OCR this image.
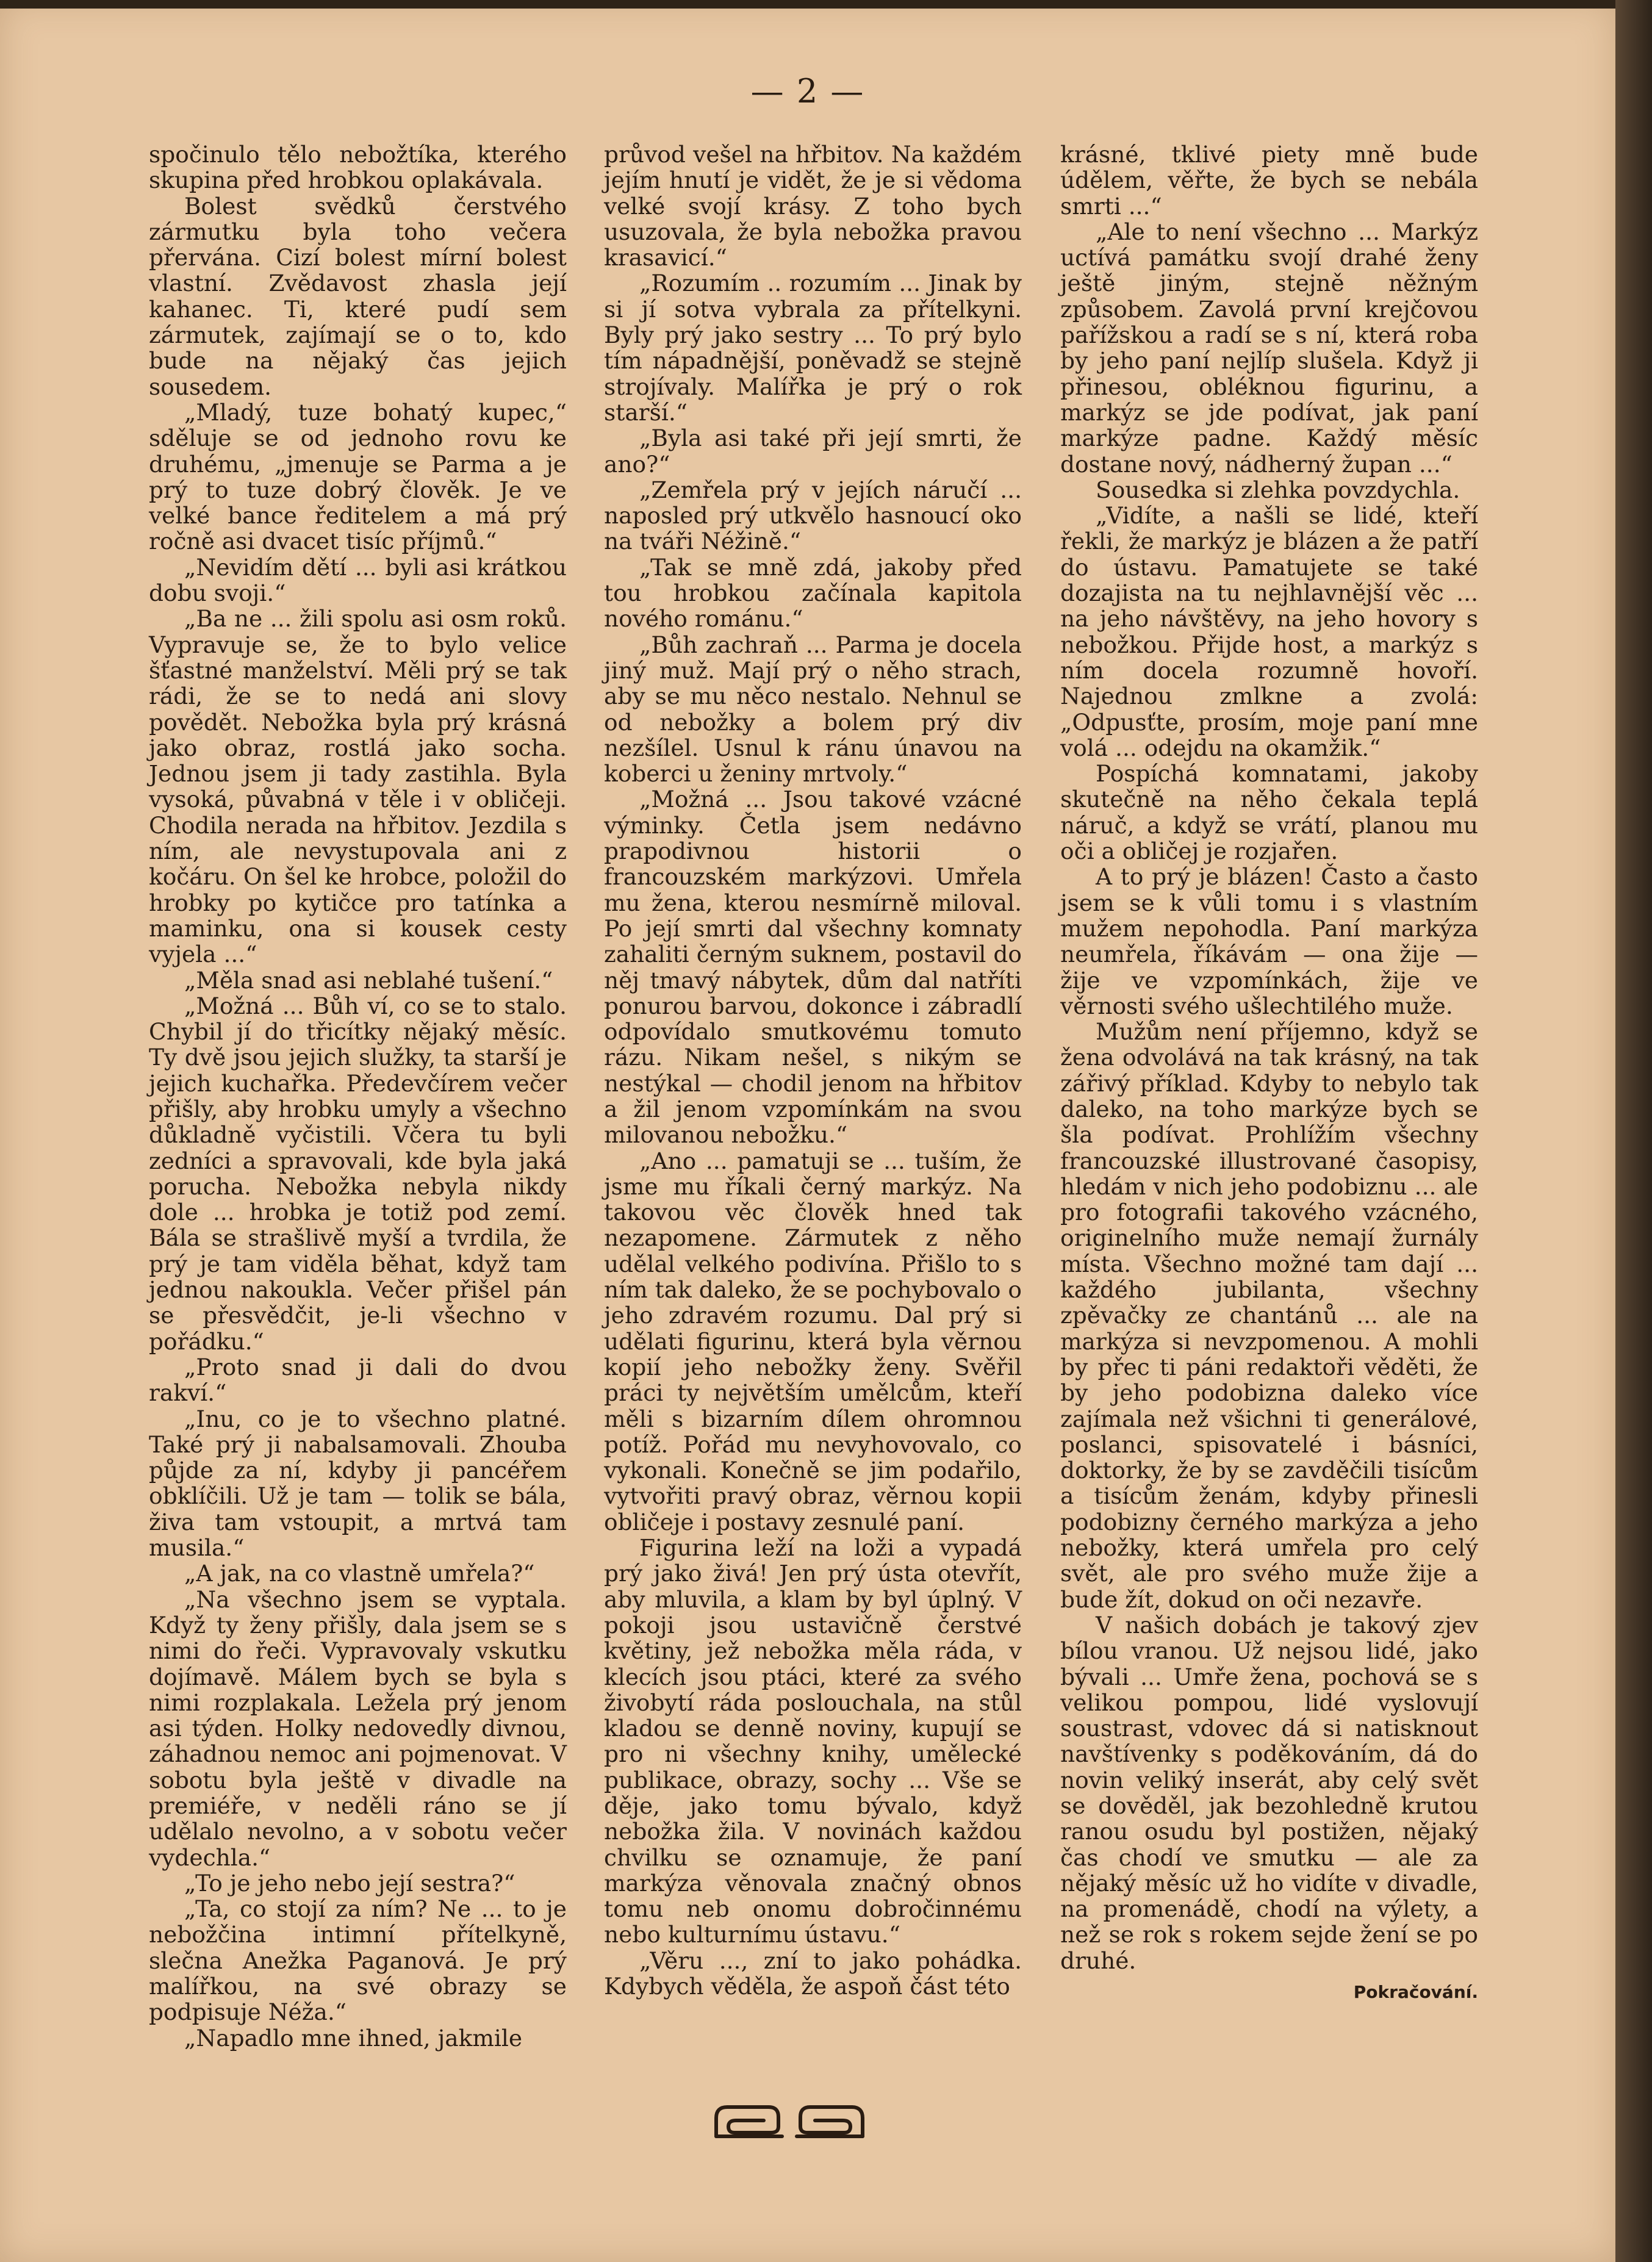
— 2 —

spočinulo tělo nebožtíka, kterého skupina před hrobkou oplakávala.

Bolest svědků čerstvého zármutku byla toho večera přervána. Cizí bolest mírní bolest vlastní. Zvědavost zhasla její kahanec. Ti, které pudí sem zármutek, zajímají se o to, kdo bude na nějaký čas jejich sousedem.

„Mladý, tuze bohatý kupec,“ sděluje se od jednoho rovu ke druhému, „jmenuje se Parma a je prý to tuze dobrý člověk. Je ve velké bance ředitelem a má prý ročně asi dvacet tisíc příjmů.“

„Nevidím dětí ... byli asi krátkou dobu svoji.“

„Ba ne ... žili spolu asi osm roků. Vypravuje se, že to bylo velice šťastné manželství. Měli prý se tak rádi, že se to nedá ani slovy povědět. Nebožka byla prý krásná jako obraz, rostlá jako socha. Jednou jsem ji tady zastihla. Byla vysoká, půvabná v těle i v obličeji. Chodila nerada na hřbitov. Jezdila s ním, ale nevystupovala ani z kočáru. On šel ke hrobce, položil do hrobky po kytičce pro tatínka a maminku, ona si kousek cesty vyjela ...“

„Měla snad asi neblahé tušení.“

„Možná ... Bůh ví, co se to stalo. Chybil jí do třicítky nějaký měsíc. Ty dvě jsou jejich služky, ta starší je jejich kuchařka. Předevčírem večer přišly, aby hrobku umyly a všechno důkladně vyčistili. Včera tu byli zedníci a spravovali, kde byla jaká porucha. Nebožka nebyla nikdy dole ... hrobka je totiž pod zemí. Bála se strašlivě myší a tvrdila, že prý je tam viděla běhat, když tam jednou nakoukla. Večer přišel pán se přesvědčit, je-li všechno v pořádku.“

„Proto snad ji dali do dvou rakví.“

„Inu, co je to všechno platné. Také prý ji nabalsamovali. Zhouba půjde za ní, kdyby ji pancéřem obklíčili. Už je tam — tolik se bála, živa tam vstoupit, a mrtvá tam musila.“

„A jak, na co vlastně umřela?“

„Na všechno jsem se vyptala. Když ty ženy přišly, dala jsem se s nimi do řeči. Vypravovaly vskutku dojímavě. Málem bych se byla s nimi rozplakala. Ležela prý jenom asi týden. Holky nedovedly divnou, záhadnou nemoc ani pojmenovat. V sobotu byla ještě v divadle na premiéře, v neděli ráno se jí udělalo nevolno, a v sobotu večer vydechla.“

„To je jeho nebo její sestra?“

„Ta, co stojí za ním? Ne ... to je nebožčina intimní přítelkyně, slečna Anežka Paganová. Je prý malířkou, na své obrazy se podpisuje Néža.“

„Napadlo mne ihned, jakmile

průvod vešel na hřbitov. Na každém jejím hnutí je vidět, že je si vědoma velké svojí krásy. Z toho bych usuzovala, že byla nebožka pravou krasavicí.“

„Rozumím .. rozumím ... Jinak by si jí sotva vybrala za přítelkyni. Byly prý jako sestry ... To prý bylo tím nápadnější, poněvadž se stejně strojívaly. Malířka je prý o rok starší.“

„Byla asi také při její smrti, že ano?“

„Zemřela prý v jejích náručí ... naposled prý utkvělo hasnoucí oko na tváři Néžině.“

„Tak se mně zdá, jakoby před tou hrobkou začínala kapitola nového románu.“

„Bůh zachraň ... Parma je docela jiný muž. Mají prý o něho strach, aby se mu něco nestalo. Nehnul se od nebožky a bolem prý div nezšílel. Usnul k ránu únavou na koberci u ženiny mrtvoly.“

„Možná ... Jsou takové vzácné výminky. Četla jsem nedávno prapodivnou historii o francouzském markýzovi. Umřela mu žena, kterou nesmírně miloval. Po její smrti dal všechny komnaty zahaliti černým suknem, postavil do něj tmavý nábytek, dům dal natříti ponurou barvou, dokonce i zábradlí odpovídalo smutkovému tomuto rázu. Nikam nešel, s nikým se nestýkal — chodil jenom na hřbitov a žil jenom vzpomínkám na svou milovanou nebožku.“

„Ano ... pamatuji se ... tuším, že jsme mu říkali černý markýz. Na takovou věc člověk hned tak nezapomene. Zármutek z něho udělal velkého podivína. Přišlo to s ním tak daleko, že se pochybovalo o jeho zdravém rozumu. Dal prý si udělati figurinu, která byla věrnou kopií jeho nebožky ženy. Svěřil práci ty největším umělcům, kteří měli s bizarním dílem ohromnou potíž. Pořád mu nevyhovovalo, co vykonali. Konečně se jim podařilo, vytvořiti pravý obraz, věrnou kopii obličeje i postavy zesnulé paní.

Figurina leží na loži a vypadá prý jako živá! Jen prý ústa otevřít, aby mluvila, a klam by byl úplný. V pokoji jsou ustavičně čerstvé květiny, jež nebožka měla ráda, v klecích jsou ptáci, které za svého živobytí ráda poslouchala, na stůl kladou se denně noviny, kupují se pro ni všechny knihy, umělecké publikace, obrazy, sochy ... Vše se děje, jako tomu bývalo, když nebožka žila. V novinách každou chvilku se oznamuje, že paní markýza věnovala značný obnos tomu neb onomu dobročinnému nebo kulturnímu ústavu.“

„Věru ..., zní to jako pohádka. Kdybych věděla, že aspoň část této

krásné, tklivé piety mně bude údělem, věřte, že bych se nebála smrti ...“

„Ale to není všechno ... Markýz uctívá památku svojí drahé ženy ještě jiným, stejně něžným způsobem. Zavolá první krejčovou pařížskou a radí se s ní, která roba by jeho paní nejlíp slušela. Když ji přinesou, obléknou figurinu, a markýz se jde podívat, jak paní markýze padne. Každý měsíc dostane nový, nádherný župan ...“

Sousedka si zlehka povzdychla.

„Vidíte, a našli se lidé, kteří řekli, že markýz je blázen a že patří do ústavu. Pamatujete se také dozajista na tu nejhlavnější věc ... na jeho návštěvy, na jeho hovory s nebožkou. Přijde host, a markýz s ním docela rozumně hovoří. Najednou zmlkne a zvolá: „Odpusťte, prosím, moje paní mne volá ... odejdu na okamžik.“

Pospíchá komnatami, jakoby skutečně na něho čekala teplá náruč, a když se vrátí, planou mu oči a obličej je rozjařen.

A to prý je blázen! Často a často jsem se k vůli tomu i s vlastním mužem nepohodla. Paní markýza neumřela, říkávám — ona žije — žije ve vzpomínkách, žije ve věrnosti svého ušlechtilého muže.

Mužům není příjemno, když se žena odvolává na tak krásný, na tak zářivý příklad. Kdyby to nebylo tak daleko, na toho markýze bych se šla podívat. Prohlížím všechny francouzské illustrované časopisy, hledám v nich jeho podobiznu ... ale pro fotografii takového vzácného, originelního muže nemají žurnály místa. Všechno možné tam dají ... každého jubilanta, všechny zpěvačky ze chantánů ... ale na markýza si nevzpomenou. A mohli by přec ti páni redaktoři věděti, že by jeho podobizna daleko více zajímala než všichni ti generálové, poslanci, spisovatelé i básníci, doktorky, že by se zavděčili tisícům a tisícům ženám, kdyby přinesli podobizny černého markýza a jeho nebožky, která umřela pro celý svět, ale pro svého muže žije a bude žít, dokud on oči nezavře.

V našich dobách je takový zjev bílou vranou. Už nejsou lidé, jako bývali ... Umře žena, pochová se s velikou pompou, lidé vyslovují soustrast, vdovec dá si natisknout navštívenky s poděkováním, dá do novin veliký inserát, aby celý svět se dověděl, jak bezohledně krutou ranou osudu byl postižen, nějaký čas chodí ve smutku — ale za nějaký měsíc už ho vidíte v divadle, na promenádě, chodí na výlety, a než se rok s rokem sejde žení se po druhé.

Pokračování.
